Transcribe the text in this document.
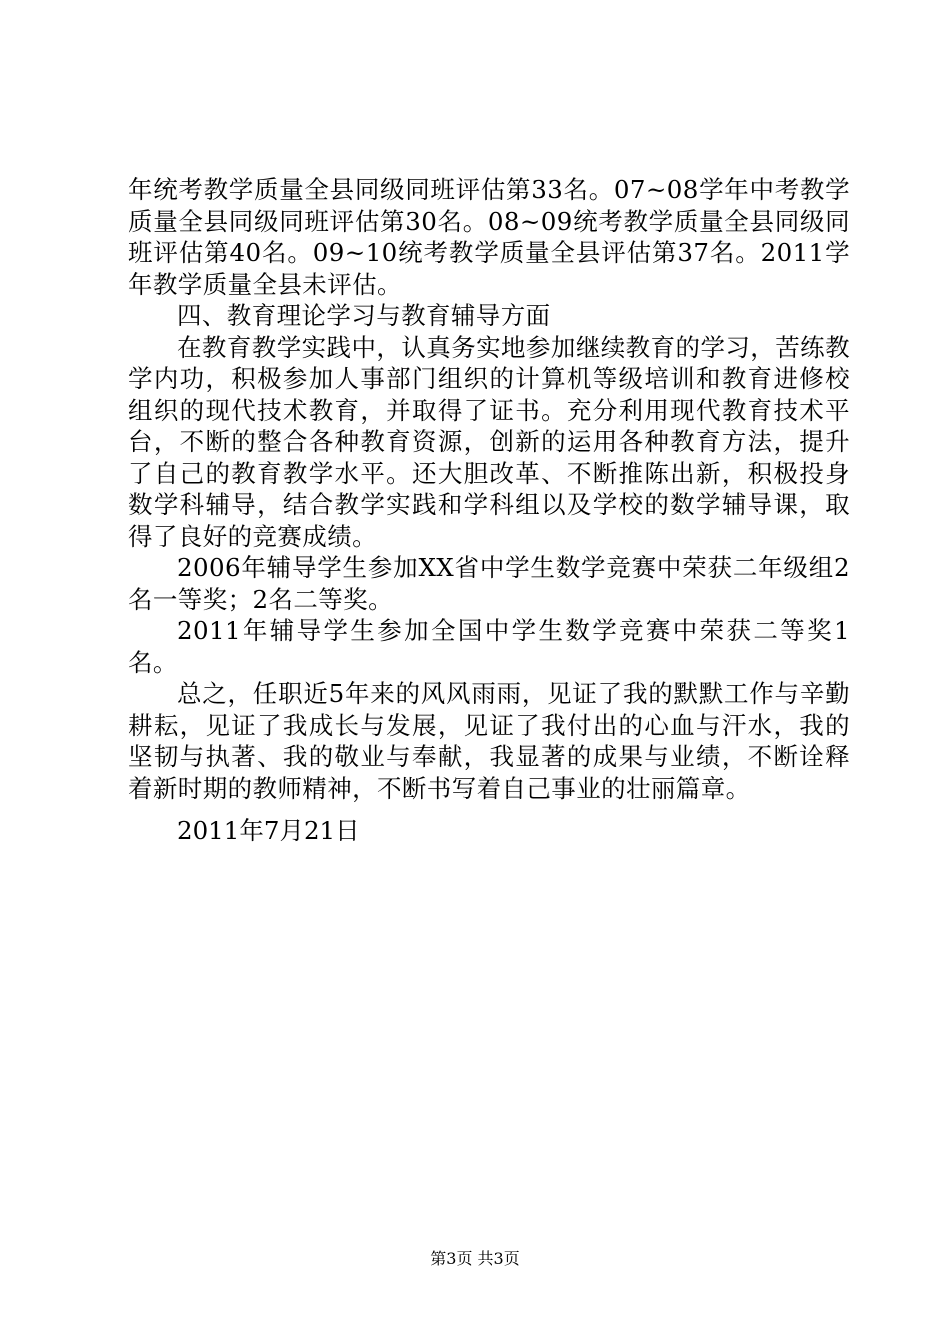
年统考教学质量全县同级同班评估第33名。07~08学年中考教学质量全县同级同班评估第30名。08~09统考教学质量全县同级同班评估第40名。09~10统考教学质量全县评估第37名。2011学年教学质量全县未评估。

四、教育理论学习与教育辅导方面

在教育教学实践中，认真务实地参加继续教育的学习，苦练教学内功，积极参加人事部门组织的计算机等级培训和教育进修校组织的现代技术教育，并取得了证书。充分利用现代教育技术平台，不断的整合各种教育资源，创新的运用各种教育方法，提升了自己的教育教学水平。还大胆改革、不断推陈出新，积极投身数学科辅导，结合教学实践和学科组以及学校的数学辅导课，取得了良好的竞赛成绩。

2006年辅导学生参加XX省中学生数学竞赛中荣获二年级组2名一等奖；2名二等奖。

2011年辅导学生参加全国中学生数学竞赛中荣获二等奖1名。

总之，任职近5年来的风风雨雨，见证了我的默默工作与辛勤耕耘，见证了我成长与发展，见证了我付出的心血与汗水，我的坚韧与执著、我的敬业与奉献，我显著的成果与业绩，不断诠释着新时期的教师精神，不断书写着自己事业的壮丽篇章。

2011年7月21日
第3页 共3页
